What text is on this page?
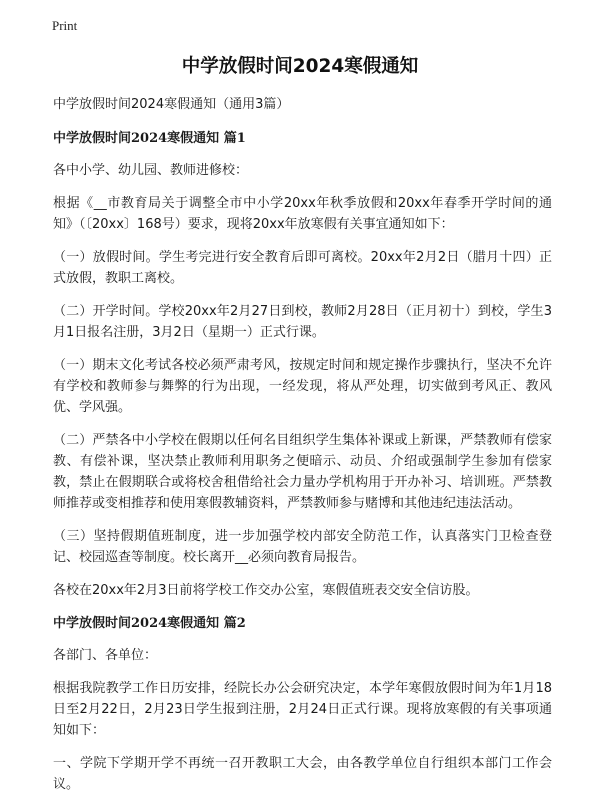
Print
中学放假时间2024寒假通知

中学放假时间2024寒假通知（通用3篇）

中学放假时间2024寒假通知 篇1

各中小学、幼儿园、教师进修校：

根据《__市教育局关于调整全市中小学20xx年秋季放假和20xx年春季开学时间的通知》（〔20xx〕168号）要求，现将20xx年放寒假有关事宜通知如下：

（一）放假时间。学生考完进行安全教育后即可离校。20xx年2月2日（腊月十四）正式放假，教职工离校。

（二）开学时间。学校20xx年2月27日到校，教师2月28日（正月初十）到校，学生3月1日报名注册，3月2日（星期一）正式行课。

（一）期末文化考试各校必须严肃考风，按规定时间和规定操作步骤执行，坚决不允许有学校和教师参与舞弊的行为出现，一经发现，将从严处理，切实做到考风正、教风优、学风强。

（二）严禁各中小学校在假期以任何名目组织学生集体补课或上新课，严禁教师有偿家教、有偿补课，坚决禁止教师利用职务之便暗示、动员、介绍或强制学生参加有偿家教，禁止在假期联合或将校舍租借给社会力量办学机构用于开办补习、培训班。严禁教师推荐或变相推荐和使用寒假教辅资料，严禁教师参与赌博和其他违纪违法活动。

（三）坚持假期值班制度，进一步加强学校内部安全防范工作，认真落实门卫检查登记、校园巡查等制度。校长离开__必须向教育局报告。

各校在20xx年2月3日前将学校工作交办公室，寒假值班表交安全信访股。

中学放假时间2024寒假通知 篇2

各部门、各单位：

根据我院教学工作日历安排，经院长办公会研究决定，本学年寒假放假时间为年1月18日至2月22日，2月23日学生报到注册，2月24日正式行课。现将放寒假的有关事项通知如下：

一、学院下学期开学不再统一召开教职工大会，由各教学单位自行组织本部门工作会议。
